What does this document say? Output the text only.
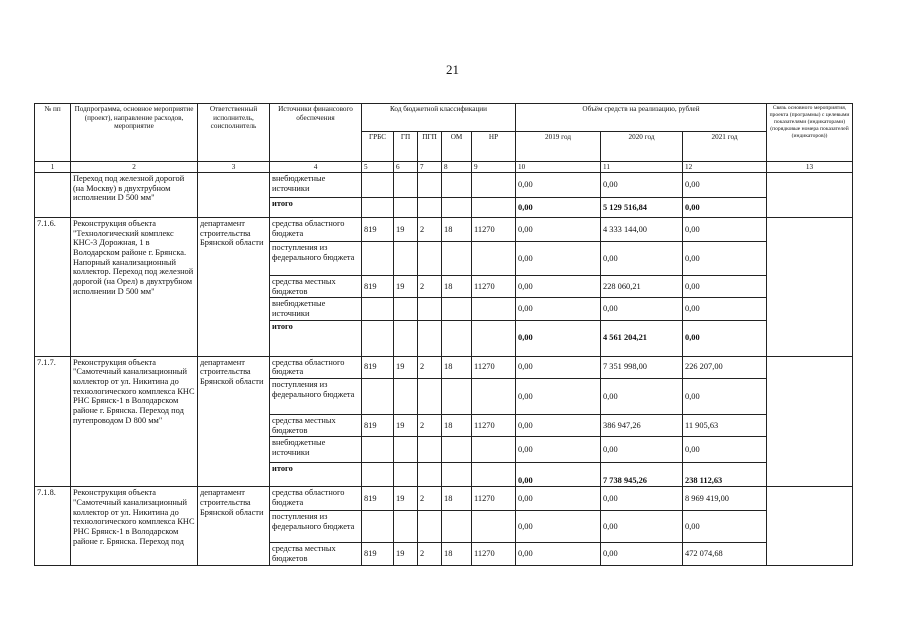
21
№ пп	Подпрограмма, основное мероприятие (проект), направление расходов, мероприятие	Ответственный исполнитель, соисполнитель	Источники финансового обеспечения	Код бюджетной классификации					Объём средств на реализацию, рублей			Связь основного мероприятия, проекта (программы) с целевыми показателями (индикаторами) (порядковые номера показателей (индикаторов))
				ГРБС	ГП	ПГП	ОМ	НР	2019 год	2020 год	2021 год	
1	2	3	4	5	6	7	8	9	10	11	12	13
	Переход под железной дорогой (на Москву) в двухтрубном исполнении D 500 мм"		внебюджетные источники						0,00	0,00	0,00	
			итого						0,00	5 129 516,84	0,00	
7.1.6.	Реконструкция объекта "Технологический комплекс КНС-3 Дорожная, 1 в Володарском районе г. Брянска. Напорный канализационный коллектор. Переход под железной дорогой (на Орел) в двухтрубном исполнении D 500 мм"	департамент строительства Брянской области	средства областного бюджета	819	19	2	18	11270	0,00	4 333 144,00	0,00	
			поступления из федерального бюджета						0,00	0,00	0,00	
			средства местных бюджетов	819	19	2	18	11270	0,00	228 060,21	0,00	
			внебюджетные источники						0,00	0,00	0,00	
			итого						0,00	4 561 204,21	0,00	
7.1.7.	Реконструкция объекта "Самотечный канализационный коллектор от ул. Никитина до технологического комплекса КНС РНС Брянск-1 в Володарском районе г. Брянска. Переход под путепроводом D 800 мм"	департамент строительства Брянской области	средства областного бюджета	819	19	2	18	11270	0,00	7 351 998,00	226 207,00	
			поступления из федерального бюджета						0,00	0,00	0,00	
			средства местных бюджетов	819	19	2	18	11270	0,00	386 947,26	11 905,63	
			внебюджетные источники						0,00	0,00	0,00	
			итого						0,00	7 738 945,26	238 112,63	
7.1.8.	Реконструкция объекта "Самотечный канализационный коллектор от ул. Никитина до технологического комплекса КНС РНС Брянск-1 в Володарском районе г. Брянска. Переход под	департамент строительства Брянской области	средства областного бюджета	819	19	2	18	11270	0,00	0,00	8 969 419,00	
			поступления из федерального бюджета						0,00	0,00	0,00	
			средства местных бюджетов	819	19	2	18	11270	0,00	0,00	472 074,68	
